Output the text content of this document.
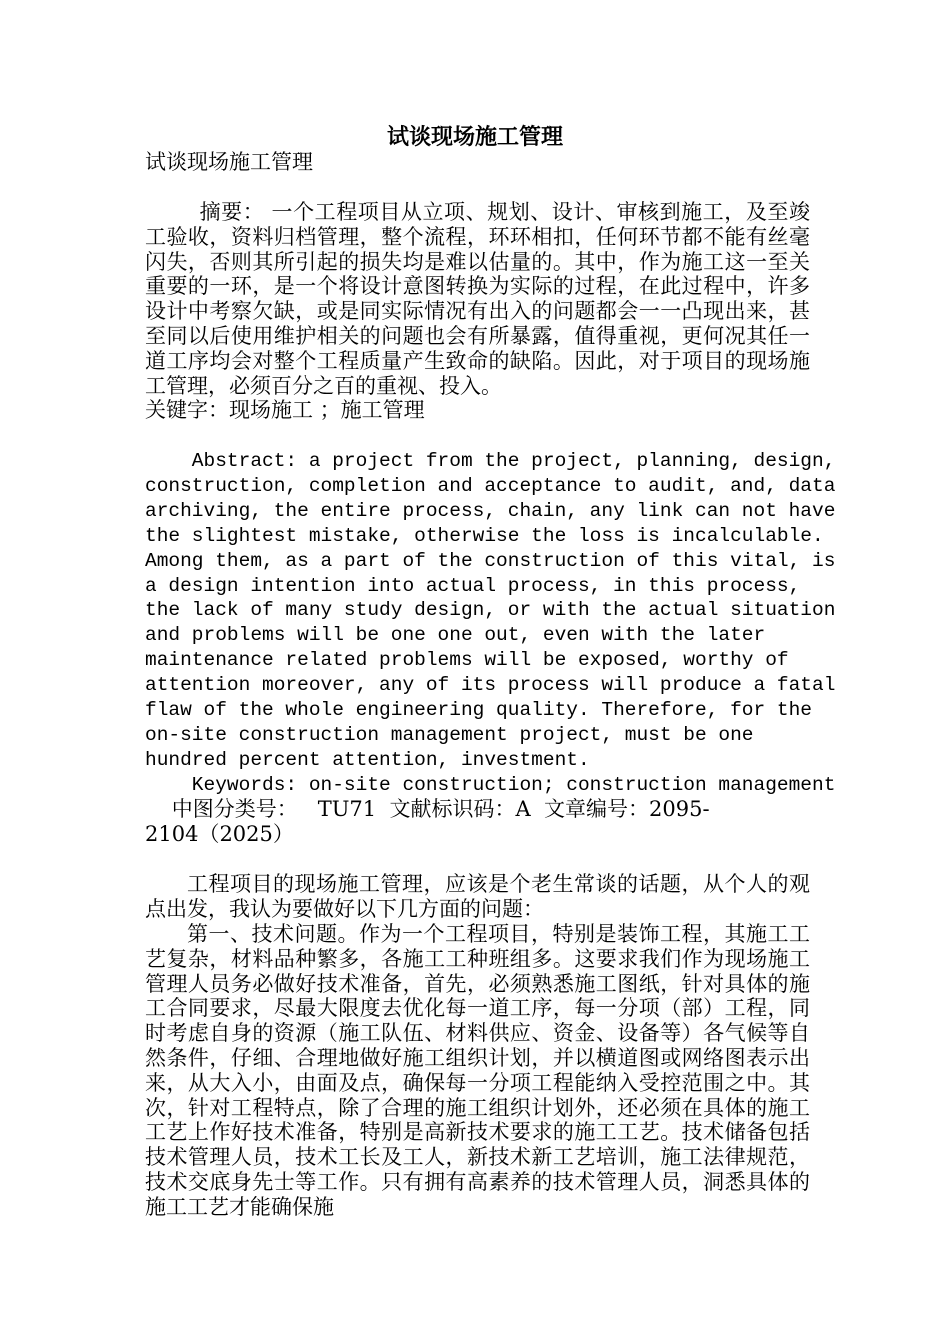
试谈现场施工管理
试谈现场施工管理
摘要： 一个工程项目从立项、规划、设计、审核到施工，及至竣工验收，资料归档管理，整个流程，环环相扣，任何环节都不能有丝毫闪失，否则其所引起的损失均是难以估量的。其中，作为施工这一至关重要的一环，是一个将设计意图转换为实际的过程，在此过程中，许多设计中考察欠缺，或是同实际情况有出入的问题都会一一凸现出来，甚至同以后使用维护相关的问题也会有所暴露，值得重视，更何况其任一道工序均会对整个工程质量产生致命的缺陷。因此，对于项目的现场施工管理，必须百分之百的重视、投入。
关键字：现场施工 ；施工管理
Abstract: a project from the project, planning, design,
construction, completion and acceptance to audit, and, data
archiving, the entire process, chain, any link can not have
the slightest mistake, otherwise the loss is incalculable.
Among them, as a part of the construction of this vital, is
a design intention into actual process, in this process,
the lack of many study design, or with the actual situation
and problems will be one one out, even with the later
maintenance related problems will be exposed, worthy of
attention moreover, any of its process will produce a fatal
flaw of the whole engineering quality. Therefore, for the
on-site construction management project, must be one
hundred percent attention, investment.
Keywords: on-site construction; construction management
中图分类号：   TU71  文献标识码：A  文章编号：2095-
2104（2025）
工程项目的现场施工管理，应该是个老生常谈的话题，从个人的观点出发，我认为要做好以下几方面的问题：
第一、技术问题。作为一个工程项目，特别是装饰工程，其施工工艺复杂，材料品种繁多，各施工工种班组多。这要求我们作为现场施工管理人员务必做好技术准备，首先，必须熟悉施工图纸，针对具体的施工合同要求，尽最大限度去优化每一道工序，每一分项（部）工程，同时考虑自身的资源（施工队伍、材料供应、资金、设备等）各气候等自然条件，仔细、合理地做好施工组织计划，并以横道图或网络图表示出来，从大入小，由面及点，确保每一分项工程能纳入受控范围之中。其次，针对工程特点，除了合理的施工组织计划外，还必须在具体的施工工艺上作好技术准备，特别是高新技术要求的施工工艺。技术储备包括技术管理人员，技术工长及工人，新技术新工艺培训，施工法律规范，技术交底身先士等工作。只有拥有高素养的技术管理人员，洞悉具体的施工工艺才能确保施
